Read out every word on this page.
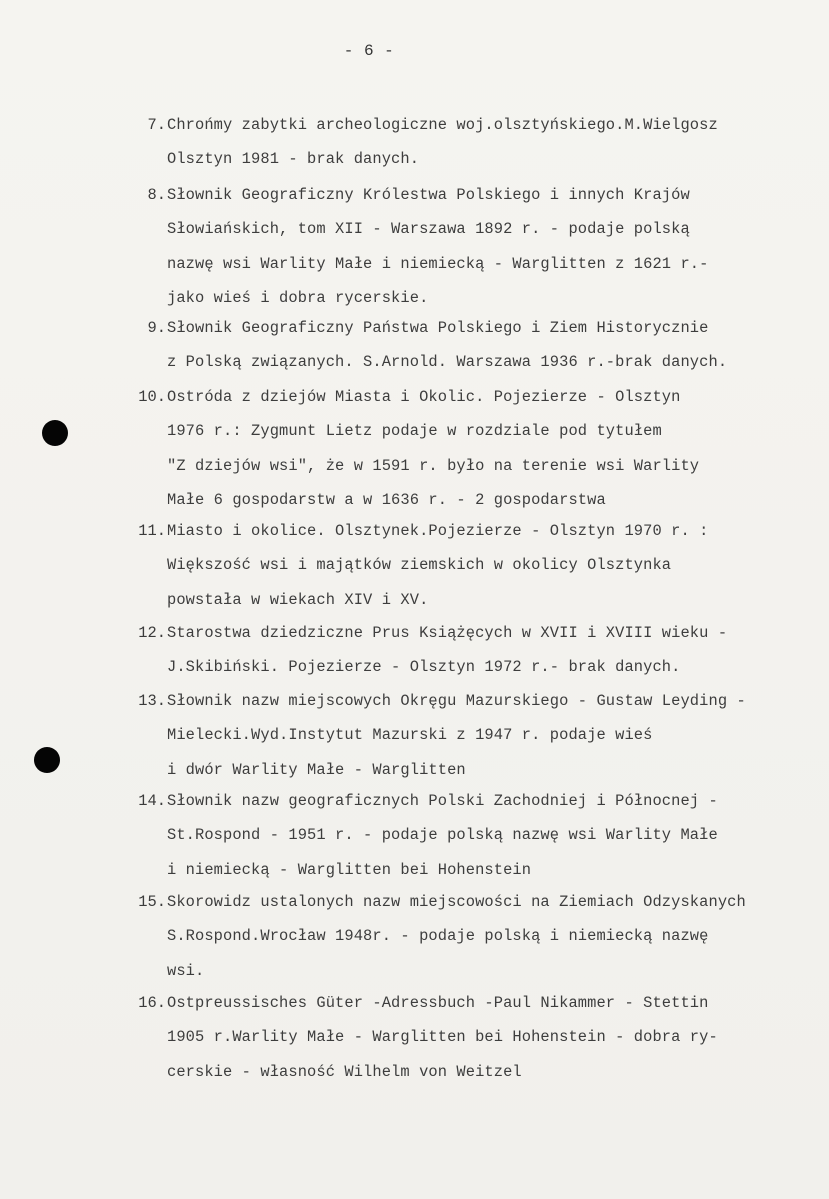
- 6 -
7. Chrońmy zabytki archeologiczne woj.olsztyńskiego.M.Wielgosz
Olsztyn 1981 - brak danych.
8. Słownik Geograficzny Królestwa Polskiego i innych Krajów
Słowiańskich, tom XII - Warszawa 1892 r. - podaje polską
nazwę wsi Warlity Małe i niemiecką - Warglitten z 1621 r.-
jako wieś i dobra rycerskie.
9. Słownik Geograficzny Państwa Polskiego i Ziem Historycznie
z Polską związanych. S.Arnold. Warszawa 1936 r.-brak danych.
10. Ostróda z dziejów Miasta i Okolic. Pojezierze - Olsztyn
1976 r.: Zygmunt Lietz podaje w rozdziale pod tytułem
"Z dziejów wsi", że w 1591 r. było na terenie wsi Warlity
Małe 6 gospodarstw a w 1636 r. - 2 gospodarstwa
11. Miasto i okolice. Olsztynek.Pojezierze - Olsztyn 1970 r. :
Większość wsi i majątków ziemskich w okolicy Olsztynka
powstała w wiekach XIV i XV.
12. Starostwa dziedziczne Prus Książęcych w XVII i XVIII wieku -
J.Skibiński. Pojezierze - Olsztyn 1972 r.- brak danych.
13. Słownik nazw miejscowych Okręgu Mazurskiego - Gustaw Leyding -
Mielecki.Wyd.Instytut Mazurski z 1947 r. podaje wieś
i dwór Warlity Małe - Warglitten
14. Słownik nazw geograficznych Polski Zachodniej i Północnej -
St.Rospond - 1951 r. - podaje polską nazwę wsi Warlity Małe
i niemiecką - Warglitten bei Hohenstein
15. Skorowidz ustalonych nazw miejscowości na Ziemiach Odzyskanych
S.Rospond.Wrocław 1948r. - podaje polską i niemiecką nazwę
wsi.
16. Ostpreussisches Güter -Adressbuch -Paul Nikammer - Stettin
1905 r.Warlity Małe - Warglitten bei Hohenstein - dobra ry-
cerskie - własność Wilhelm von Weitzel
